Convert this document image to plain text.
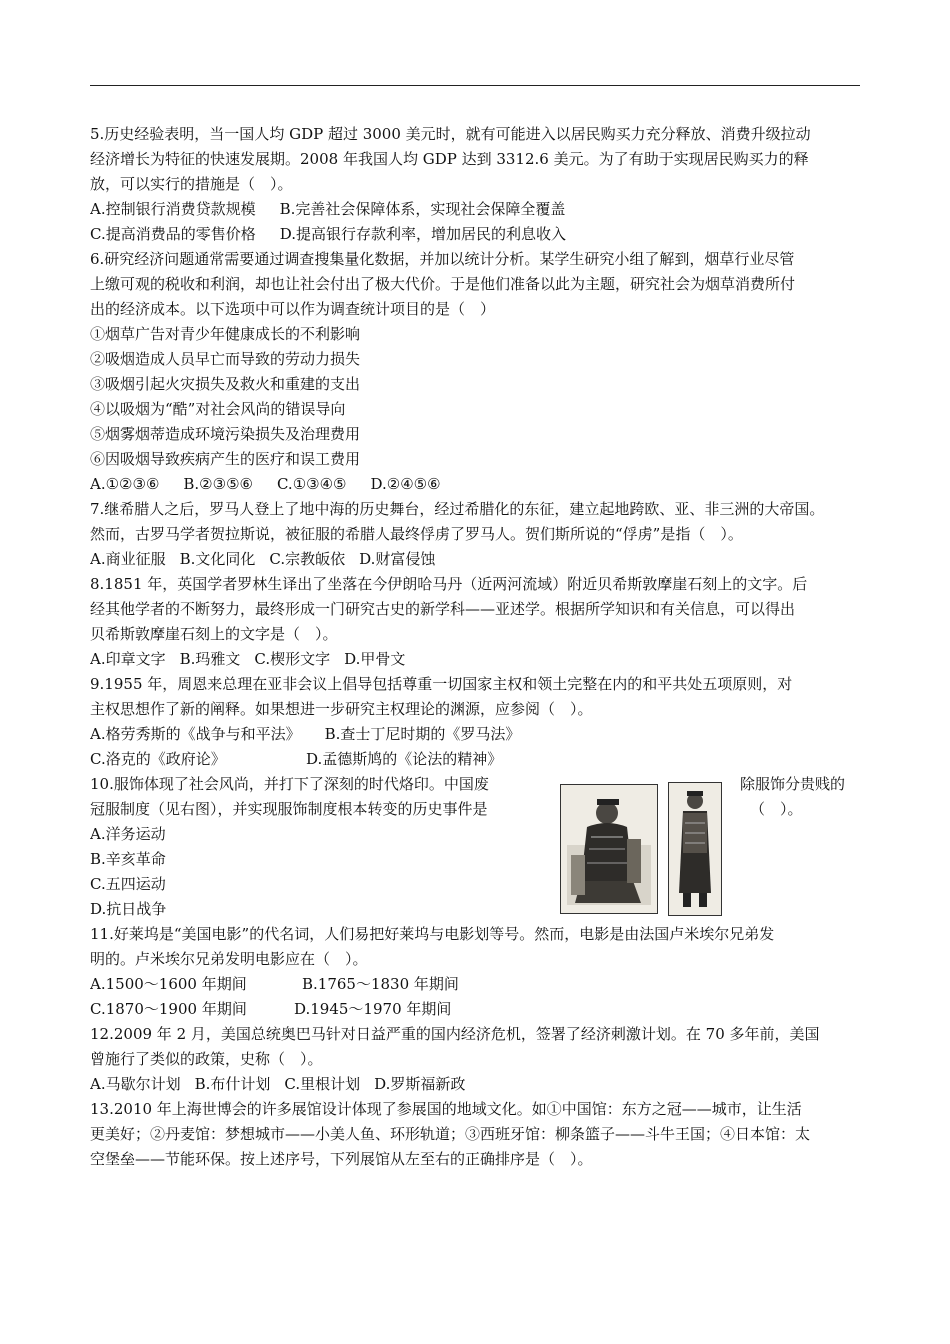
5.历史经验表明，当一国人均 GDP 超过 3000 美元时，就有可能进入以居民购买力充分释放、消费升级拉动
经济增长为特征的快速发展期。2008 年我国人均 GDP 达到 3312.6 美元。为了有助于实现居民购买力的释
放，可以实行的措施是（　）。
A.控制银行消费贷款规模 B.完善社会保障体系，实现社会保障全覆盖
C.提高消费品的零售价格 D.提高银行存款利率，增加居民的利息收入
6.研究经济问题通常需要通过调查搜集量化数据，并加以统计分析。某学生研究小组了解到，烟草行业尽管
上缴可观的税收和利润，却也让社会付出了极大代价。于是他们准备以此为主题，研究社会为烟草消费所付
出的经济成本。以下选项中可以作为调查统计项目的是（　）
①烟草广告对青少年健康成长的不利影响
②吸烟造成人员早亡而导致的劳动力损失
③吸烟引起火灾损失及救火和重建的支出
④以吸烟为“酷”对社会风尚的错误导向
⑤烟雾烟蒂造成环境污染损失及治理费用
⑥因吸烟导致疾病产生的医疗和误工费用
A.①②③⑥ B.②③⑤⑥ C.①③④⑤ D.②④⑤⑥
7.继希腊人之后，罗马人登上了地中海的历史舞台，经过希腊化的东征，建立起地跨欧、亚、非三洲的大帝国。
然而，古罗马学者贺拉斯说，被征服的希腊人最终俘虏了罗马人。贺们斯所说的“俘虏”是指（　）。
A.商业征服 B.文化同化 C.宗教皈依 D.财富侵蚀
8.1851 年，英国学者罗林生译出了坐落在今伊朗哈马丹（近两河流域）附近贝希斯敦摩崖石刻上的文字。后
经其他学者的不断努力，最终形成一门研究古史的新学科——亚述学。根据所学知识和有关信息，可以得出
贝希斯敦摩崖石刻上的文字是（　）。
A.印章文字 B.玛雅文 C.楔形文字 D.甲骨文
9.1955 年，周恩来总理在亚非会议上倡导包括尊重一切国家主权和领土完整在内的和平共处五项原则，对
主权思想作了新的阐释。如果想进一步研究主权理论的渊源，应参阅（　）。
A.格劳秀斯的《战争与和平法》 B.查士丁尼时期的《罗马法》
C.洛克的《政府论》	D.孟德斯鸠的《论法的精神》
10.服饰体现了社会风尚，并打下了深刻的时代烙印。中国废	除服饰分贵贱的
冠服制度（见右图），并实现服饰制度根本转变的历史事件是	（　）。
A.洋务运动
B.辛亥革命
C.五四运动
D.抗日战争
11.好莱坞是“美国电影”的代名词，人们易把好莱坞与电影划等号。然而，电影是由法国卢米埃尔兄弟发
明的。卢米埃尔兄弟发明电影应在（　）。
A.1500～1600 年期间	B.1765～1830 年期间
C.1870～1900 年期间	D.1945～1970 年期间
12.2009 年 2 月，美国总统奥巴马针对日益严重的国内经济危机，签署了经济刺激计划。在 70 多年前，美国
曾施行了类似的政策，史称（　）。
A.马歇尔计划 B.布什计划 C.里根计划 D.罗斯福新政
13.2010 年上海世博会的许多展馆设计体现了参展国的地域文化。如①中国馆：东方之冠——城市，让生活
更美好；②丹麦馆：梦想城市——小美人鱼、环形轨道；③西班牙馆：柳条篮子——斗牛王国；④日本馆：太
空堡垒——节能环保。按上述序号，下列展馆从左至右的正确排序是（　）。
